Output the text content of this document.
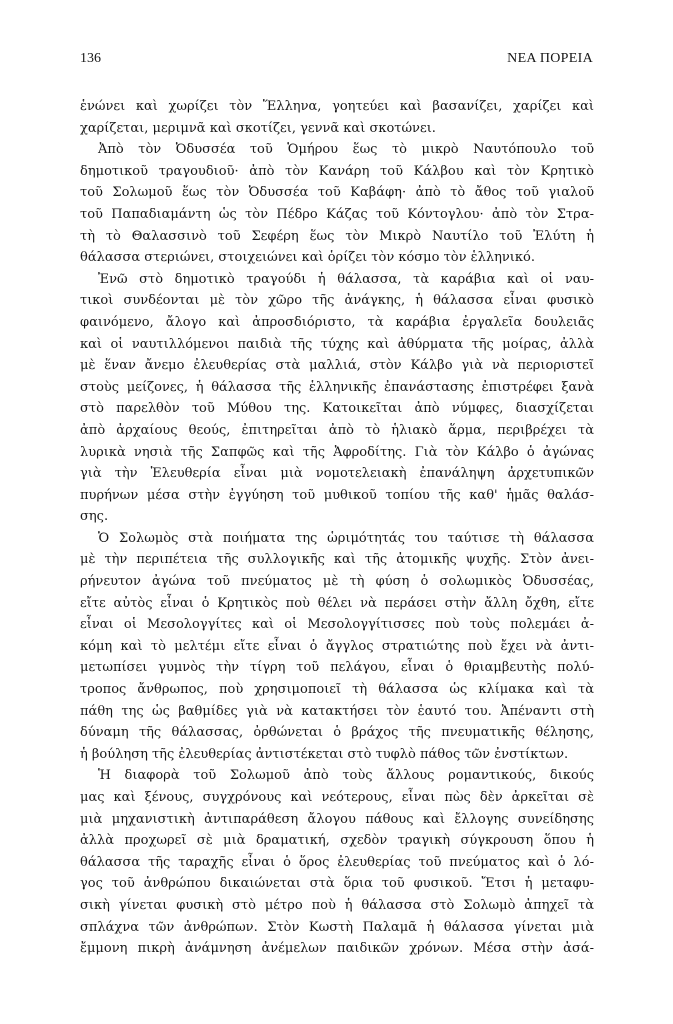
136	ΝΕΑ ΠΟΡΕΙΑ
ἑνώνει καὶ χωρίζει τὸν Ἕλληνα, γοητεύει καὶ βασανίζει, χαρίζει καὶ
χαρίζεται, μεριμνᾶ καὶ σκοτίζει, γεννᾶ καὶ σκοτώνει.
Ἀπὸ τὸν Ὀδυσσέα τοῦ Ὁμήρου ἕως τὸ μικρὸ Ναυτόπουλο τοῦ
δημοτικοῦ τραγουδιοῦ· ἀπὸ τὸν Κανάρη τοῦ Κάλβου καὶ τὸν Κρητικὸ
τοῦ Σολωμοῦ ἕως τὸν Ὀδυσσέα τοῦ Καβάφη· ἀπὸ τὸ ἄθος τοῦ γιαλοῦ
τοῦ Παπαδιαμάντη ὡς τὸν Πέδρο Κάζας τοῦ Κόντογλου· ἀπὸ τὸν Στρα-
τὴ τὸ Θαλασσινὸ τοῦ Σεφέρη ἕως τὸν Μικρὸ Ναυτίλο τοῦ Ἐλύτη ἡ
θάλασσα στεριώνει, στοιχειώνει καὶ ὁρίζει τὸν κόσμο τὸν ἑλληνικό.
Ἐνῶ στὸ δημοτικὸ τραγούδι ἡ θάλασσα, τὰ καράβια καὶ οἱ ναυ-
τικοὶ συνδέονται μὲ τὸν χῶρο τῆς ἀνάγκης, ἡ θάλασσα εἶναι φυσικὸ
φαινόμενο, ἄλογο καὶ ἀπροσδιόριστο, τὰ καράβια ἐργαλεῖα δουλειᾶς
καὶ οἱ ναυτιλλόμενοι παιδιὰ τῆς τύχης καὶ ἀθύρματα τῆς μοίρας, ἀλλὰ
μὲ ἕναν ἄνεμο ἐλευθερίας στὰ μαλλιά, στὸν Κάλβο γιὰ νὰ περιοριστεῖ
στοὺς μείζονες, ἡ θάλασσα τῆς ἑλληνικῆς ἐπανάστασης ἐπιστρέφει ξανὰ
στὸ παρελθὸν τοῦ Μύθου της. Κατοικεῖται ἀπὸ νύμφες, διασχίζεται
ἀπὸ ἀρχαίους θεούς, ἐπιτηρεῖται ἀπὸ τὸ ἡλιακὸ ἅρμα, περιβρέχει τὰ
λυρικὰ νησιὰ τῆς Σαπφῶς καὶ τῆς Ἀφροδίτης. Γιὰ τὸν Κάλβο ὁ ἀγώνας
γιὰ τὴν Ἐλευθερία εἶναι μιὰ νομοτελειακὴ ἐπανάληψη ἀρχετυπικῶν
πυρήνων μέσα στὴν ἐγγύηση τοῦ μυθικοῦ τοπίου τῆς καθ' ἡμᾶς θαλάσ-
σης.
Ὁ Σολωμὸς στὰ ποιήματα της ὡριμότητάς του ταύτισε τὴ θάλασσα
μὲ τὴν περιπέτεια τῆς συλλογικῆς καὶ τῆς ἀτομικῆς ψυχῆς. Στὸν ἀνει-
ρήνευτον ἀγώνα τοῦ πνεύματος μὲ τὴ φύση ὁ σολωμικὸς Ὀδυσσέας,
εἴτε αὐτὸς εἶναι ὁ Κρητικὸς ποὺ θέλει νὰ περάσει στὴν ἄλλη ὄχθη, εἴτε
εἶναι οἱ Μεσολογγίτες καὶ οἱ Μεσολογγίτισσες ποὺ τοὺς πολεμάει ἀ-
κόμη καὶ τὸ μελτέμι εἴτε εἶναι ὁ ἄγγλος στρατιώτης ποὺ ἔχει νὰ ἀντι-
μετωπίσει γυμνὸς τὴν τίγρη τοῦ πελάγου, εἶναι ὁ θριαμβευτὴς πολύ-
τροπος ἄνθρωπος, ποὺ χρησιμοποιεῖ τὴ θάλασσα ὡς κλίμακα καὶ τὰ
πάθη της ὡς βαθμίδες γιὰ νὰ κατακτήσει τὸν ἑαυτό του. Ἀπέναντι στὴ
δύναμη τῆς θάλασσας, ὀρθώνεται ὁ βράχος τῆς πνευματικῆς θέλησης,
ἡ βούληση τῆς ἐλευθερίας ἀντιστέκεται στὸ τυφλὸ πάθος τῶν ἐνστίκτων.
Ἡ διαφορὰ τοῦ Σολωμοῦ ἀπὸ τοὺς ἄλλους ρομαντικούς, δικούς
μας καὶ ξένους, συγχρόνους καὶ νεότερους, εἶναι πὼς δὲν ἀρκεῖται σὲ
μιὰ μηχανιστικὴ ἀντιπαράθεση ἄλογου πάθους καὶ ἔλλογης συνείδησης
ἀλλὰ προχωρεῖ σὲ μιὰ δραματική, σχεδὸν τραγικὴ σύγκρουση ὅπου ἡ
θάλασσα τῆς ταραχῆς εἶναι ὁ ὅρος ἐλευθερίας τοῦ πνεύματος καὶ ὁ λό-
γος τοῦ ἀνθρώπου δικαιώνεται στὰ ὅρια τοῦ φυσικοῦ. Ἔτσι ἡ μεταφυ-
σικὴ γίνεται φυσικὴ στὸ μέτρο ποὺ ἡ θάλασσα στὸ Σολωμὸ ἀπηχεῖ τὰ
σπλάχνα τῶν ἀνθρώπων. Στὸν Κωστὴ Παλαμᾶ ἡ θάλασσα γίνεται μιὰ
ἔμμονη πικρὴ ἀνάμνηση ἀνέμελων παιδικῶν χρόνων. Μέσα στὴν ἀσά-
